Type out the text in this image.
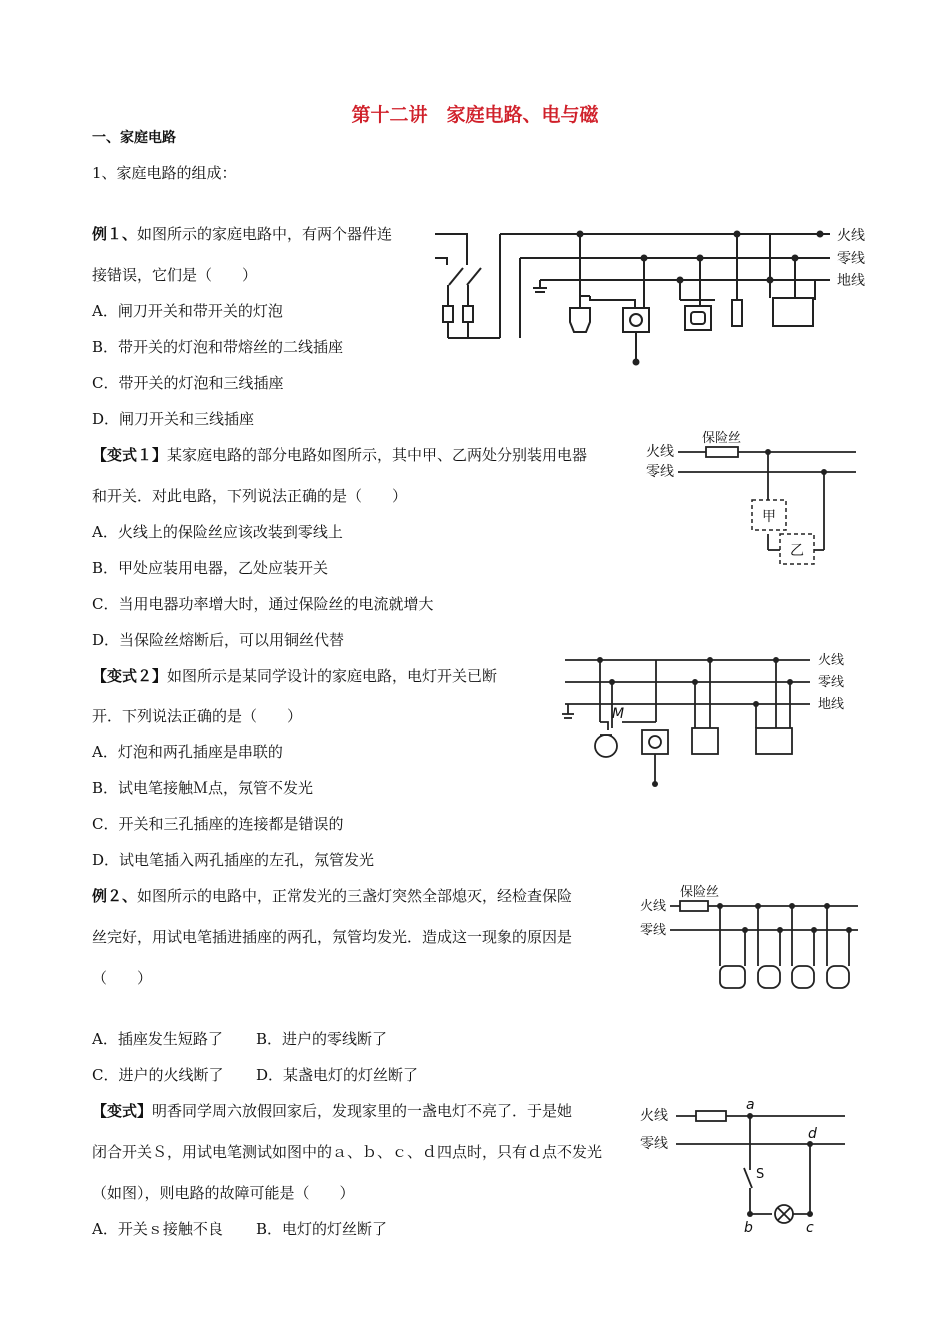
第十二讲　家庭电路、电与磁
一、家庭电路
1、家庭电路的组成：
例１、如图所示的家庭电路中，有两个器件连
接错误，它们是（　　）
A．闸刀开关和带开关的灯泡
B．带开关的灯泡和带熔丝的二线插座
C．带开关的灯泡和三线插座
D．闸刀开关和三线插座
【变式１】某家庭电路的部分电路如图所示，其中甲、乙两处分别装用电器
和开关．对此电路，下列说法正确的是（　　）
A．火线上的保险丝应该改装到零线上
B．甲处应装用电器，乙处应装开关
C．当用电器功率增大时，通过保险丝的电流就增大
D．当保险丝熔断后，可以用铜丝代替
【变式２】如图所示是某同学设计的家庭电路，电灯开关已断
开．下列说法正确的是（　　）
A．灯泡和两孔插座是串联的
B．试电笔接触Ｍ点，氖管不发光
C．开关和三孔插座的连接都是错误的
D．试电笔插入两孔插座的左孔，氖管发光
例２、如图所示的电路中，正常发光的三盏灯突然全部熄灭，经检查保险
丝完好，用试电笔插进插座的两孔，氖管均发光．造成这一现象的原因是
（　　）
A．插座发生短路了 B．进户的零线断了
C．进户的火线断了 D．某盏电灯的灯丝断了
【变式】明香同学周六放假回家后，发现家里的一盏电灯不亮了．于是她
闭合开关Ｓ，用试电笔测试如图中的ａ、ｂ、ｃ、ｄ四点时，只有ｄ点不发光
（如图），则电路的故障可能是（　　）
A．开关ｓ接触不良 B．电灯的灯丝断了
火线
零线
地线
火线
零线
保险丝
甲
乙
火线
零线
地线
M
火线
零线
保险丝
火线
零线
a
d
S
b	c
